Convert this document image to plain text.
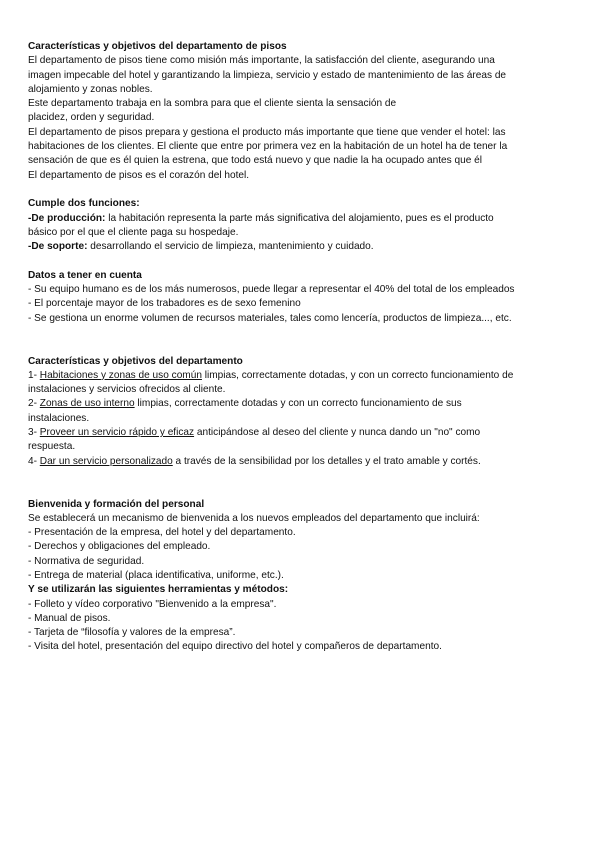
Características y objetivos del departamento de pisos
El departamento de pisos tiene como misión más importante, la satisfacción del cliente, asegurando una
imagen impecable del hotel y garantizando la limpieza, servicio y estado de mantenimiento de las áreas de
alojamiento y zonas nobles.
Este departamento trabaja en la sombra para que el cliente sienta la sensación de
placidez, orden y seguridad.
El departamento de pisos prepara y gestiona el producto más importante que tiene que vender el hotel: las
habitaciones de los clientes. El cliente que entre por primera vez en la habitación de un hotel ha de tener la
sensación de que es él quien la estrena, que todo está nuevo y que nadie la ha ocupado antes que él
El departamento de pisos es el corazón del hotel.
Cumple dos funciones:
-De producción: la habitación representa la parte más significativa del alojamiento, pues es el producto
básico por el que el cliente paga su hospedaje.
-De soporte: desarrollando el servicio de limpieza, mantenimiento y cuidado.
Datos a tener en cuenta
- Su equipo humano es de los más numerosos, puede llegar a representar el 40% del total de los empleados
- El porcentaje mayor de los trabadores es de sexo femenino
- Se gestiona un enorme volumen de recursos materiales, tales como lencería, productos de limpieza..., etc.
Características y objetivos del departamento
1- Habitaciones y zonas de uso común limpias, correctamente dotadas, y con un correcto funcionamiento de
instalaciones y servicios ofrecidos al cliente.
2- Zonas de uso interno limpias, correctamente dotadas y con un correcto funcionamiento de sus
instalaciones.
3- Proveer un servicio rápido y eficaz anticipándose al deseo del cliente y nunca dando un "no" como
respuesta.
4- Dar un servicio personalizado a través de la sensibilidad por los detalles y el trato amable y cortés.
Bienvenida y formación del personal
Se establecerá un mecanismo de bienvenida a los nuevos empleados del departamento que incluirá:
- Presentación de la empresa, del hotel y del departamento.
- Derechos y obligaciones del empleado.
- Normativa de seguridad.
- Entrega de material (placa identificativa, uniforme, etc.).
Y se utilizarán las siguientes herramientas y métodos:
- Folleto y vídeo corporativo "Bienvenido a la empresa".
- Manual de pisos.
- Tarjeta de “filosofía y valores de la empresa”.
- Visita del hotel, presentación del equipo directivo del hotel y compañeros de departamento.
